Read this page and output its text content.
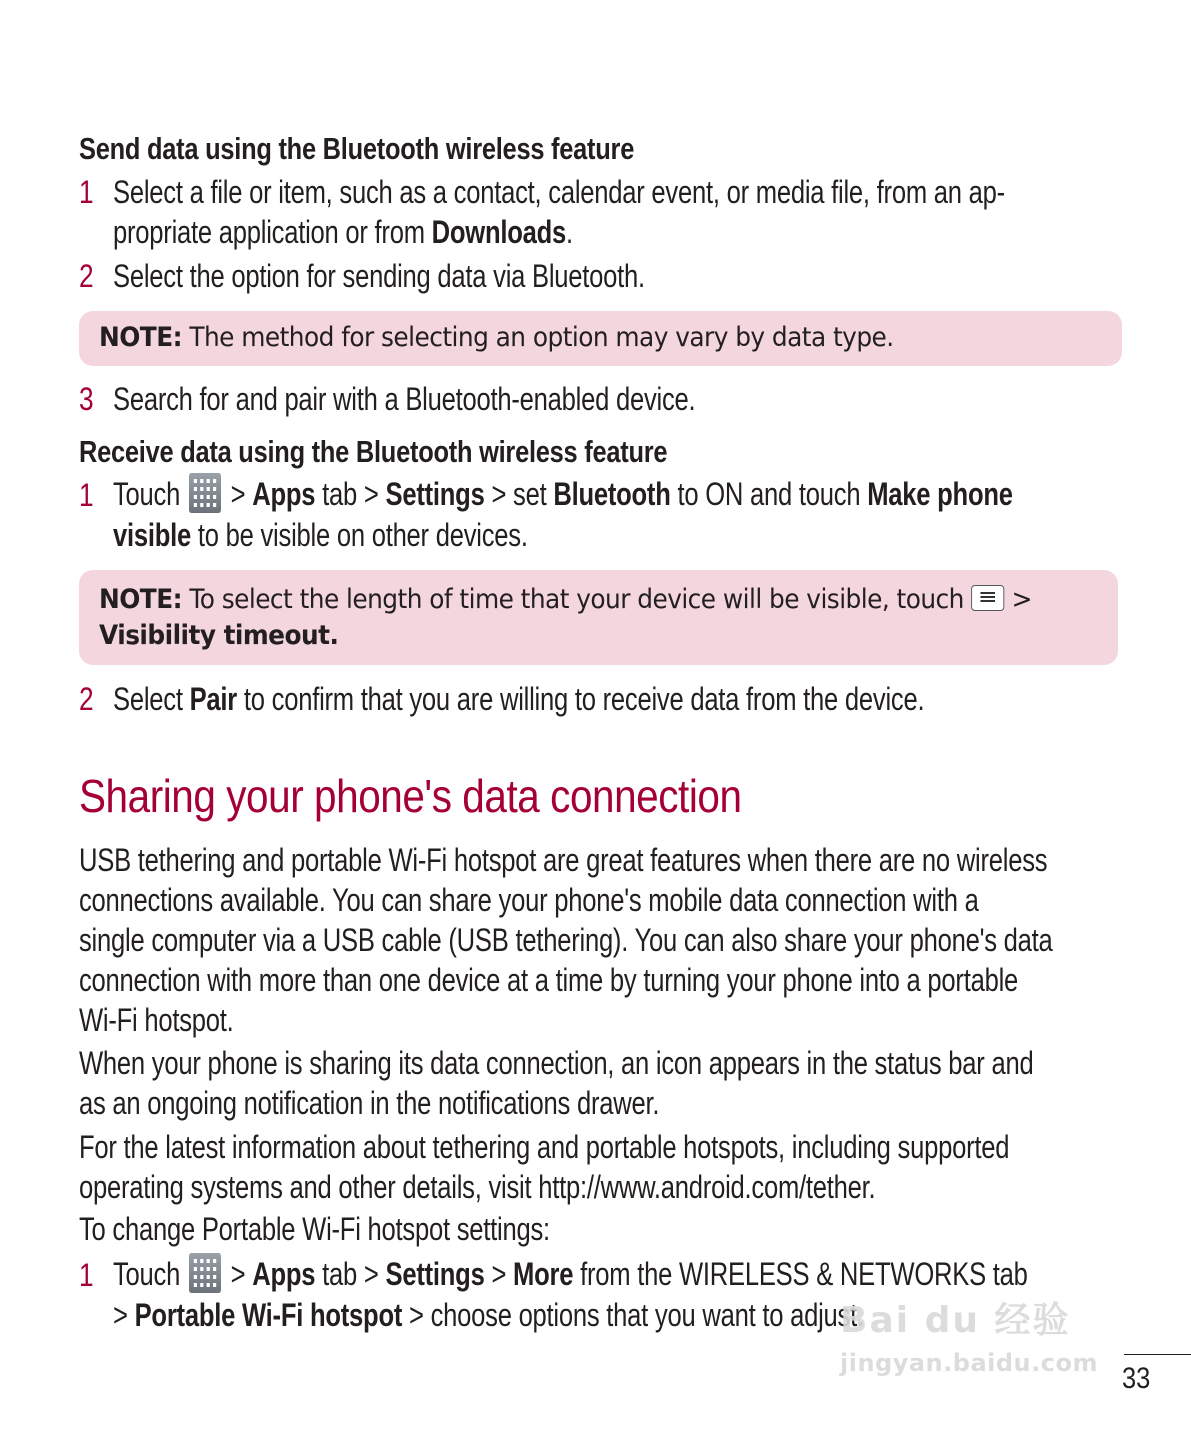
Send data using the Bluetooth wireless feature
1 Select a file or item, such as a contact, calendar event, or media file, from an ap-
propriate application or from Downloads.
2 Select the option for sending data via Bluetooth.
NOTE: The method for selecting an option may vary by data type.
3 Search for and pair with a Bluetooth-enabled device.
Receive data using the Bluetooth wireless feature
1 Touch
> Apps tab > Settings > set Bluetooth to ON and touch Make phone
visible to be visible on other devices.
NOTE: To select the length of time that your device will be visible, touch
>
Visibility timeout.
2 Select Pair to confirm that you are willing to receive data from the device.
Sharing your phone's data connection
USB tethering and portable Wi-Fi hotspot are great features when there are no wireless
connections available. You can share your phone's mobile data connection with a
single computer via a USB cable (USB tethering). You can also share your phone's data
connection with more than one device at a time by turning your phone into a portable
Wi-Fi hotspot.
When your phone is sharing its data connection, an icon appears in the status bar and
as an ongoing notification in the notifications drawer.
For the latest information about tethering and portable hotspots, including supported
operating systems and other details, visit http://www.android.com/tether.
To change Portable Wi-Fi hotspot settings:
1 Touch
> Apps tab > Settings > More from the WIRELESS & NETWORKS tab
> Portable Wi-Fi hotspot > choose options that you want to adjust.
Bai du 经验
jingyan.baidu.com 33
